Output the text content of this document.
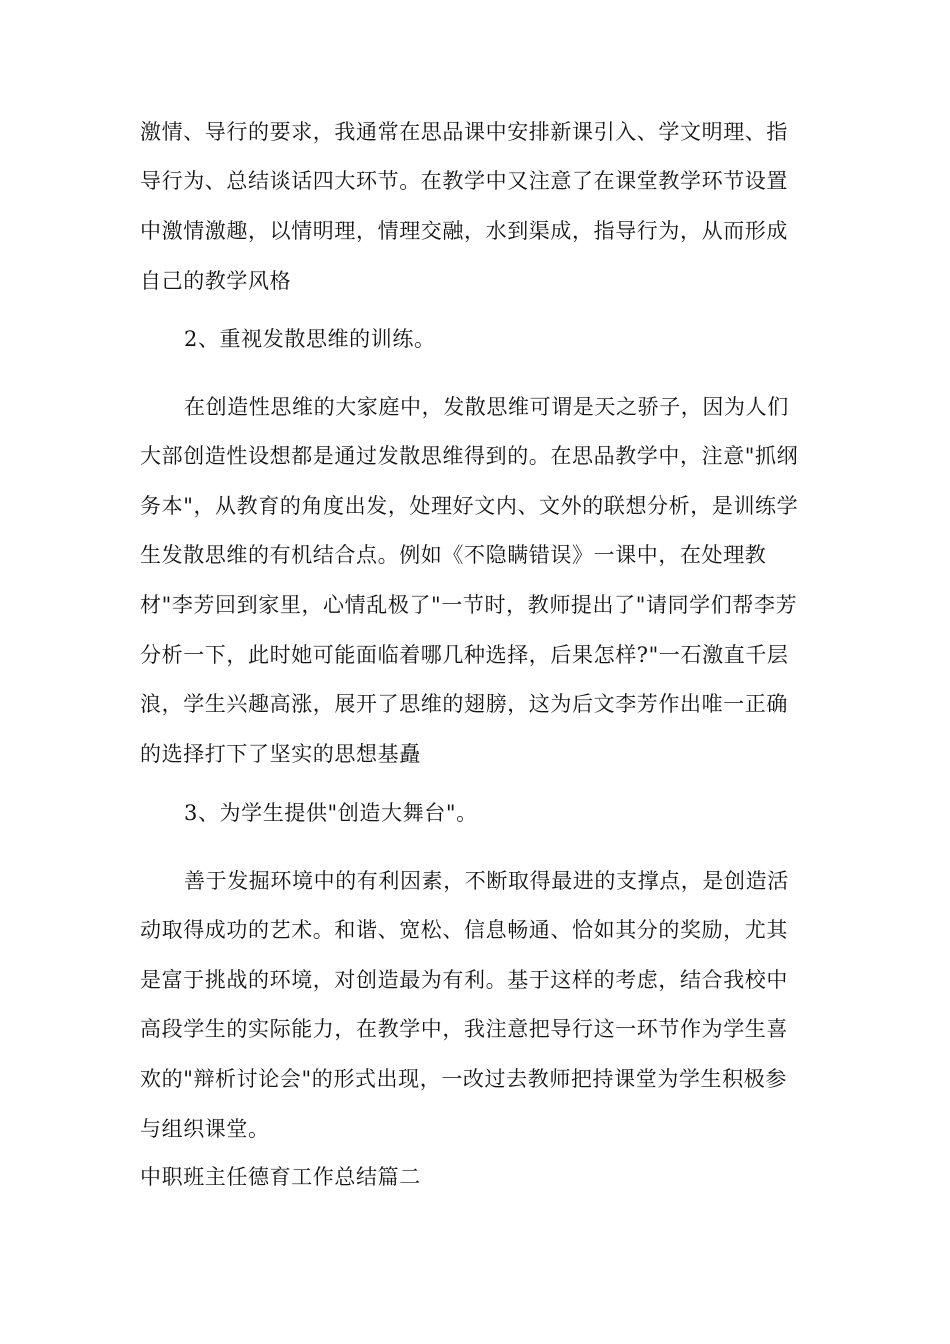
激情、导行的要求，我通常在思品课中安排新课引入、学文明理、指
导行为、总结谈话四大环节。在教学中又注意了在课堂教学环节设置
中激情激趣，以情明理，情理交融，水到渠成，指导行为，从而形成
自己的教学风格
2、重视发散思维的训练。
在创造性思维的大家庭中，发散思维可谓是天之骄子，因为人们
大部创造性设想都是通过发散思维得到的。在思品教学中，注意"抓纲
务本"，从教育的角度出发，处理好文内、文外的联想分析，是训练学
生发散思维的有机结合点。例如《不隐瞒错误》一课中，在处理教
材"李芳回到家里，心情乱极了"一节时，教师提出了"请同学们帮李芳
分析一下，此时她可能面临着哪几种选择，后果怎样?"一石激直千层
浪，学生兴趣高涨，展开了思维的翅膀，这为后文李芳作出唯一正确
的选择打下了坚实的思想基矗
3、为学生提供"创造大舞台"。
善于发掘环境中的有利因素，不断取得最进的支撑点，是创造活
动取得成功的艺术。和谐、宽松、信息畅通、恰如其分的奖励，尤其
是富于挑战的环境，对创造最为有利。基于这样的考虑，结合我校中
高段学生的实际能力，在教学中，我注意把导行这一环节作为学生喜
欢的"辩析讨论会"的形式出现，一改过去教师把持课堂为学生积极参
与组织课堂。
中职班主任德育工作总结篇二
